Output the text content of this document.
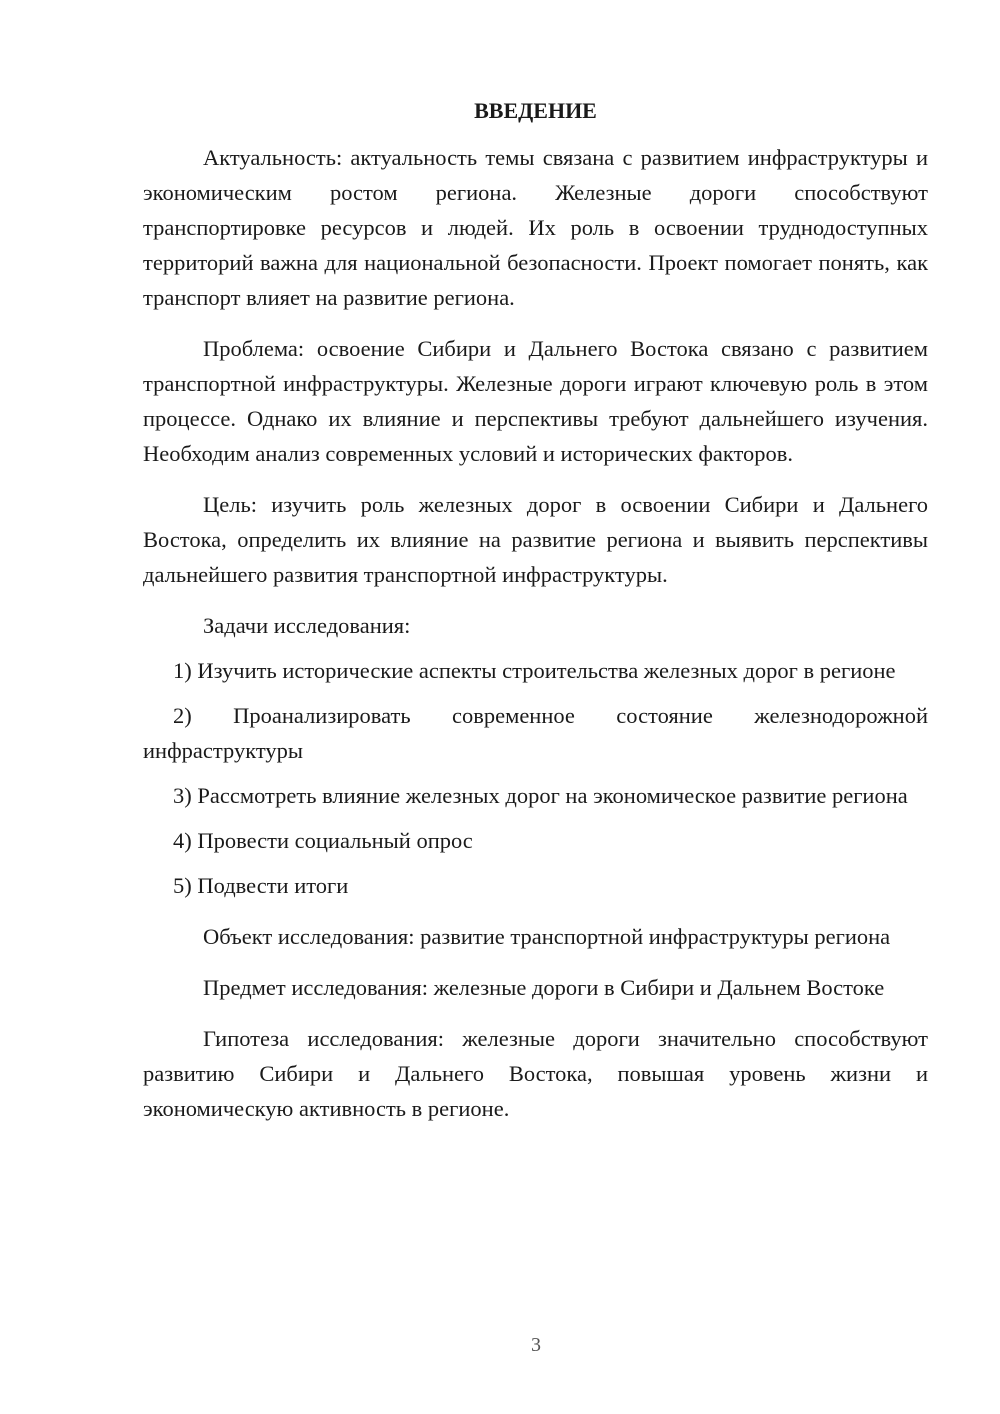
ВВЕДЕНИЕ

Актуальность: актуальность темы связана с развитием инфраструктуры и экономическим ростом региона. Железные дороги способствуют транспортировке ресурсов и людей. Их роль в освоении труднодоступных территорий важна для национальной безопасности. Проект помогает понять, как транспорт влияет на развитие региона.

Проблема: освоение Сибири и Дальнего Востока связано с развитием транспортной инфраструктуры. Железные дороги играют ключевую роль в этом процессе. Однако их влияние и перспективы требуют дальнейшего изучения. Необходим анализ современных условий и исторических факторов.

Цель: изучить роль железных дорог в освоении Сибири и Дальнего Востока, определить их влияние на развитие региона и выявить перспективы дальнейшего развития транспортной инфраструктуры.

Задачи исследования:

1) Изучить исторические аспекты строительства железных дорог в регионе

2) Проанализировать современное состояние железнодорожной инфраструктуры

3) Рассмотреть влияние железных дорог на экономическое развитие региона

4) Провести социальный опрос

5) Подвести итоги

Объект исследования: развитие транспортной инфраструктуры региона

Предмет исследования: железные дороги в Сибири и Дальнем Востоке

Гипотеза исследования: железные дороги значительно способствуют развитию Сибири и Дальнего Востока, повышая уровень жизни и экономическую активность в регионе.

3
